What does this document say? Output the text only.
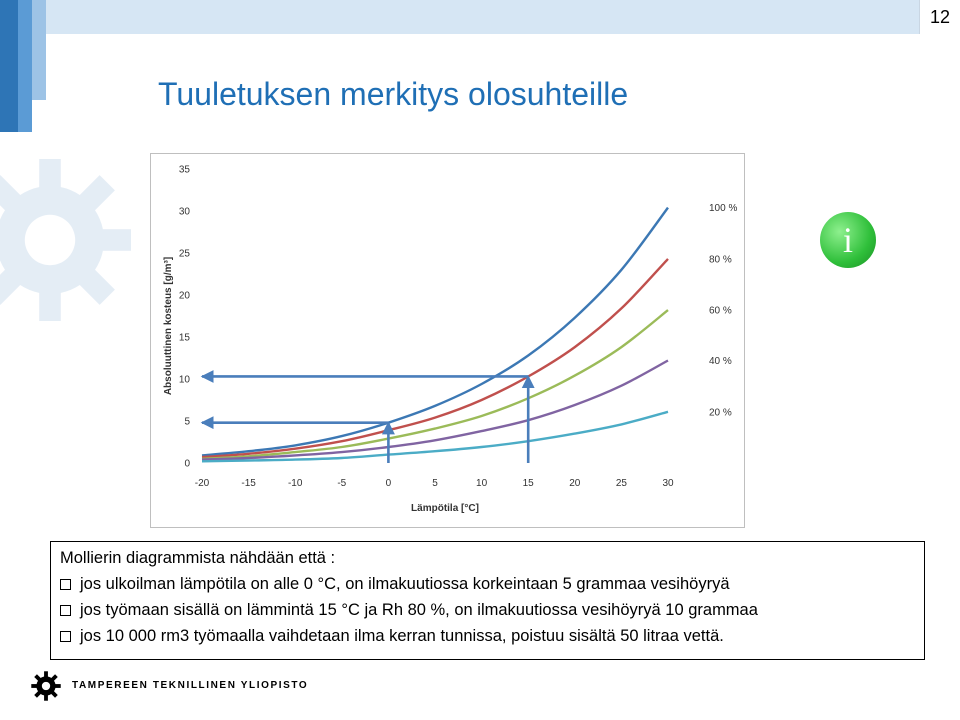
12
Tuuletuksen merkitys olosuhteille
0
5
10
15
20
25
30
35
-20	-15	-10	-5	0	5	10	15	20	25	30
100 %
80 %
60 %
40 %
20 %
Lämpötila [°C]
Absoluuttinen kosteus [g/m³]
i
Mollierin diagrammista nähdään että :
jos ulkoilman lämpötila on alle 0 °C, on ilmakuutiossa korkeintaan 5 grammaa vesihöyryä
jos työmaan sisällä on lämmintä 15 °C ja Rh 80 %, on ilmakuutiossa vesihöyryä 10 grammaa
jos 10 000 rm3 työmaalla vaihdetaan ilma kerran tunnissa, poistuu sisältä 50 litraa vettä.
TAMPEREEN TEKNILLINEN YLIOPISTO
